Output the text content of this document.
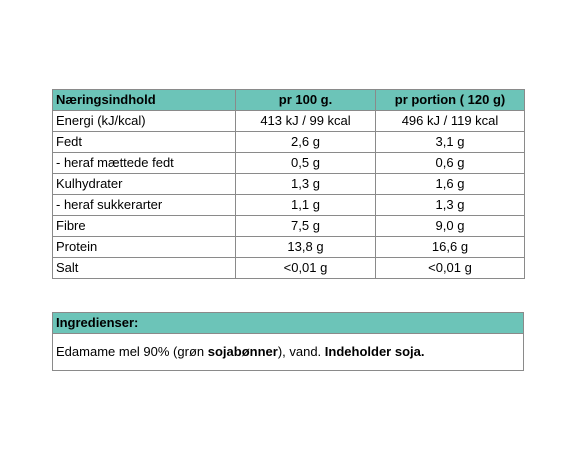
Næringsindhold	pr 100 g.	pr portion ( 120 g)
Energi (kJ/kcal)	413 kJ / 99 kcal	496 kJ / 119 kcal
Fedt	2,6 g	3,1 g
- heraf mættede fedt	0,5 g	0,6 g
Kulhydrater	1,3 g	1,6 g
- heraf sukkerarter	1,1 g	1,3 g
Fibre	7,5 g	9,0 g
Protein	13,8 g	16,6 g
Salt	<0,01 g	<0,01 g
Ingredienser:
Edamame mel 90% (grøn sojabønner), vand. Indeholder soja.
